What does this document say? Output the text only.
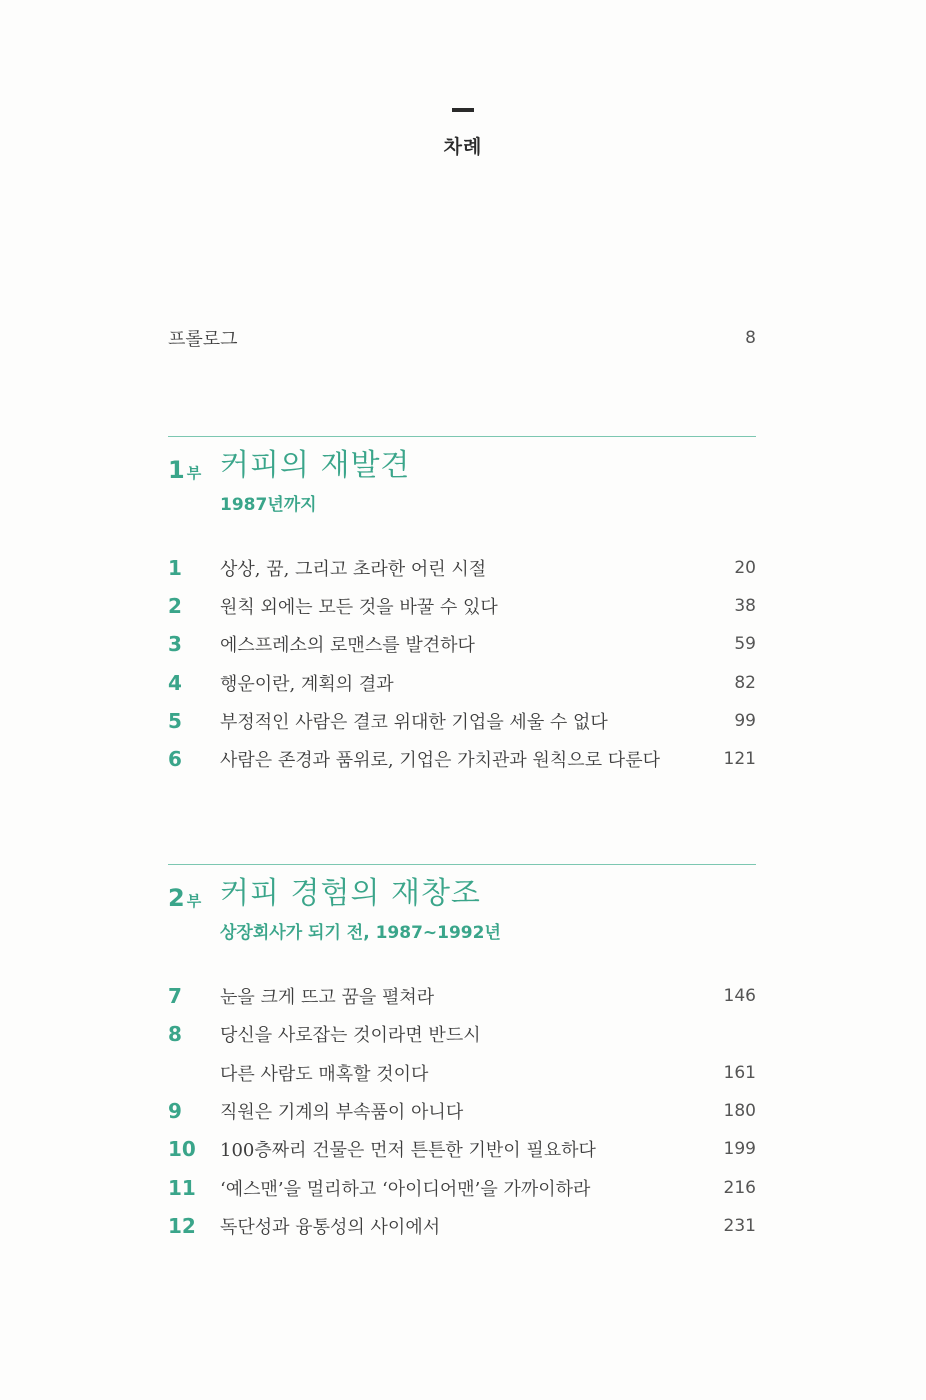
차례
프롤로그	8
1 부 커피의 재발견
1987년까지
1	상상, 꿈, 그리고 초라한 어린 시절	20
2	원칙 외에는 모든 것을 바꿀 수 있다	38
3	에스프레소의 로맨스를 발견하다	59
4	행운이란, 계획의 결과	82
5	부정적인 사람은 결코 위대한 기업을 세울 수 없다	99
6	사람은 존경과 품위로, 기업은 가치관과 원칙으로 다룬다	121
2 부 커피 경험의 재창조
상장회사가 되기 전, 1987∼1992년
7	눈을 크게 뜨고 꿈을 펼쳐라	146
8	당신을 사로잡는 것이라면 반드시
다른 사람도 매혹할 것이다	161
9	직원은 기계의 부속품이 아니다	180
10	100층짜리 건물은 먼저 튼튼한 기반이 필요하다	199
11	‘예스맨’을 멀리하고 ‘아이디어맨’을 가까이하라	216
12	독단성과 융통성의 사이에서	231
